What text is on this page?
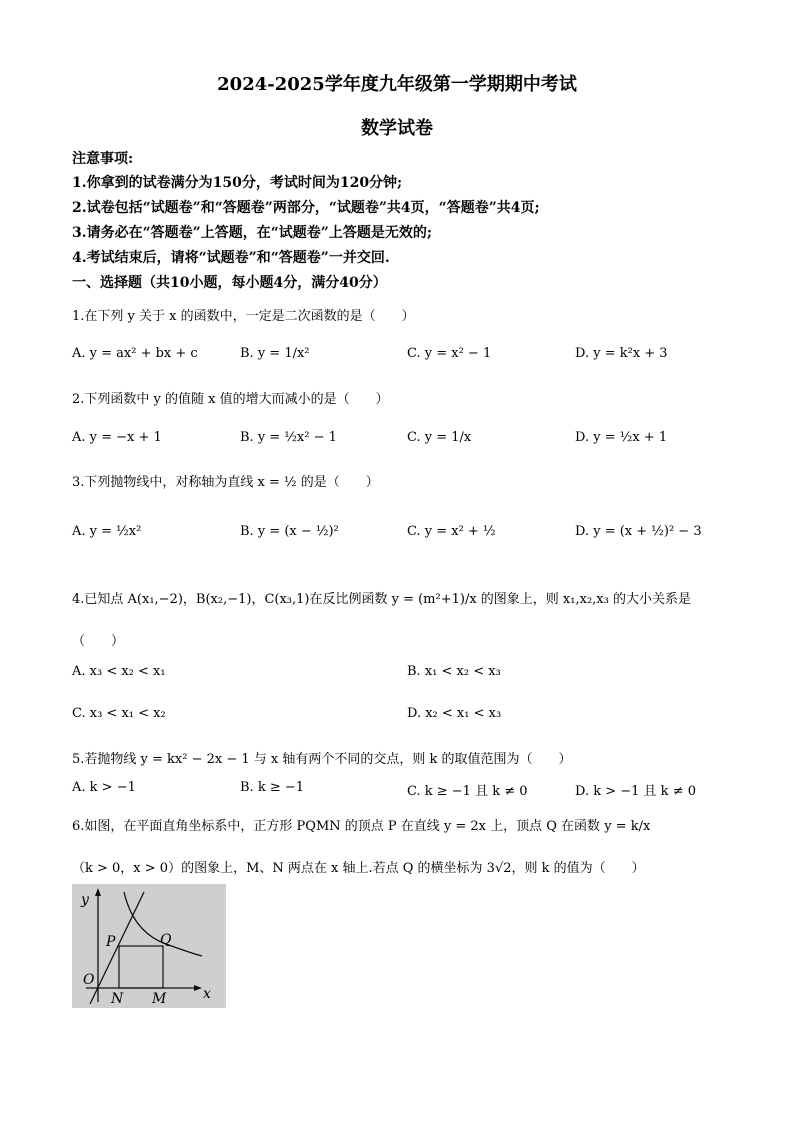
2024-2025学年度九年级第一学期期中考试
数学试卷
注意事项:
1.你拿到的试卷满分为150分，考试时间为120分钟;
2.试卷包括“试题卷”和“答题卷”两部分，“试题卷”共4页，“答题卷”共4页;
3.请务必在“答题卷”上答题，在“试题卷”上答题是无效的;
4.考试结束后，请将“试题卷”和“答题卷”一并交回.
一、选择题（共10小题，每小题4分，满分40分）
1.在下列 y 关于 x 的函数中，一定是二次函数的是（　　）
A. y = ax² + bx + c	B. y = 1/x²	C. y = x² − 1	D. y = k²x + 3
2.下列函数中 y 的值随 x 值的增大而减小的是（　　）
A. y = −x + 1	B. y = ½x² − 1	C. y = 1/x	D. y = ½x + 1
3.下列抛物线中，对称轴为直线 x = ½ 的是（　　）
A. y = ½x²	B. y = (x − ½)²	C. y = x² + ½	D. y = (x + ½)² − 3
4.已知点 A(x₁,−2)，B(x₂,−1)，C(x₃,1)在反比例函数 y = (m²+1)/x 的图象上，则 x₁,x₂,x₃ 的大小关系是
（　　）
A. x₃ < x₂ < x₁	B. x₁ < x₂ < x₃
C. x₃ < x₁ < x₂	D. x₂ < x₁ < x₃
5.若抛物线 y = kx² − 2x − 1 与 x 轴有两个不同的交点，则 k 的取值范围为（　　）
A. k > −1	B. k ≥ −1	C. k ≥ −1 且 k ≠ 0	D. k > −1 且 k ≠ 0
6.如图，在平面直角坐标系中，正方形 PQMN 的顶点 P 在直线 y = 2x 上，顶点 Q 在函数 y = k/x
（k > 0，x > 0）的图象上，M、N 两点在 x 轴上.若点 Q 的横坐标为 3√2，则 k 的值为（　　）
y
x
O
P	Q
N M
